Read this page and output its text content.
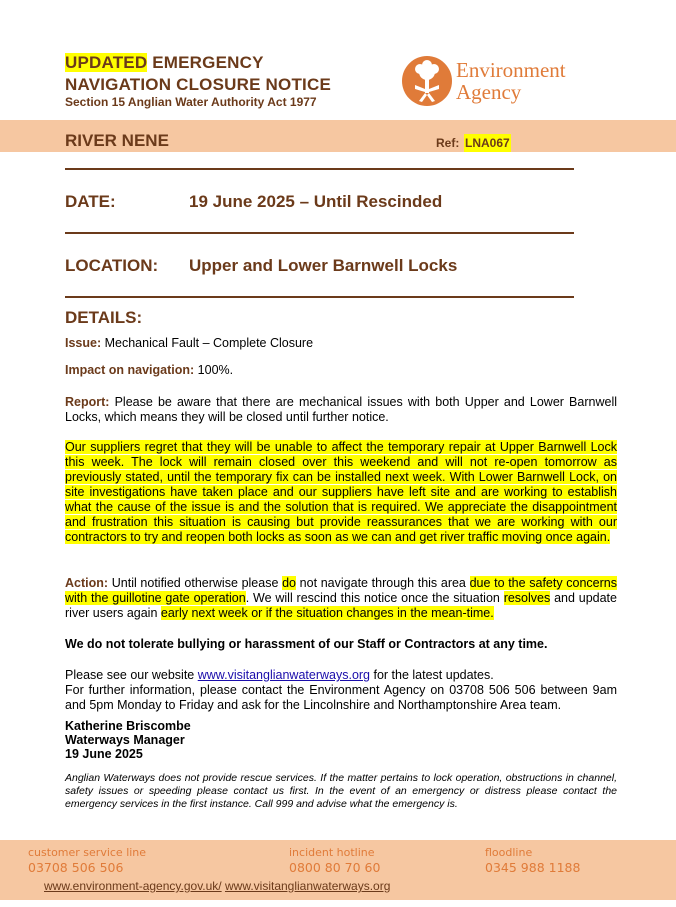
UPDATED EMERGENCY
NAVIGATION CLOSURE NOTICE
Section 15 Anglian Water Authority Act 1977
Environment
Agency
RIVER NENE	Ref: LNA067
DATE:	19 June 2025 – Until Rescinded
LOCATION: Upper and Lower Barnwell Locks
DETAILS:
Issue: Mechanical Fault – Complete Closure
Impact on navigation: 100%.
Report: Please be aware that there are mechanical issues with both Upper and Lower Barnwell Locks, which means they will be closed until further notice.
Our suppliers regret that they will be unable to affect the temporary repair at Upper Barnwell Lock this week. The lock will remain closed over this weekend and will not re-open tomorrow as previously stated, until the temporary fix can be installed next week. With Lower Barnwell Lock, on site investigations have taken place and our suppliers have left site and are working to establish what the cause of the issue is and the solution that is required. We appreciate the disappointment and frustration this situation is causing but provide reassurances that we are working with our contractors to try and reopen both locks as soon as we can and get river traffic moving once again.
Action: Until notified otherwise please do not navigate through this area due to the safety concerns with the guillotine gate operation. We will rescind this notice once the situation resolves and update river users again early next week or if the situation changes in the mean-time.
We do not tolerate bullying or harassment of our Staff or Contractors at any time.
Please see our website www.visitanglianwaterways.org for the latest updates.
For further information, please contact the Environment Agency on 03708 506 506 between 9am and 5pm Monday to Friday and ask for the Lincolnshire and Northamptonshire Area team.
Katherine Briscombe
Waterways Manager
19 June 2025
Anglian Waterways does not provide rescue services. If the matter pertains to lock operation, obstructions in channel, safety issues or speeding please contact us first. In the event of an emergency or distress please contact the emergency services in the first instance. Call 999 and advise what the emergency is.
customer service line
03708 506 506
incident hotline
0800 80 70 60
floodline
0345 988 1188
www.environment-agency.gov.uk/ www.visitanglianwaterways.org
